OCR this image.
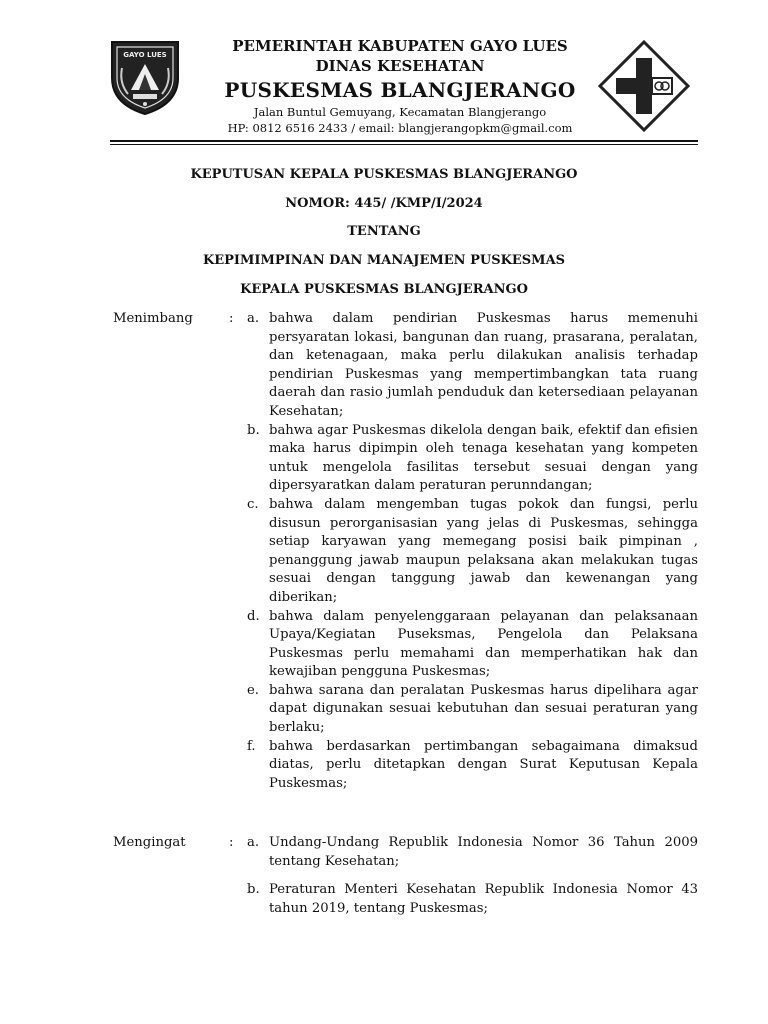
GAYO LUES	PEMERINTAH KABUPATEN GAYO LUES
DINAS KESEHATAN
PUSKESMAS BLANGJERANGO
Jalan Buntul Gemuyang, Kecamatan Blangjerango
HP: 0812 6516 2433 / email: blangjerangopkm@gmail.com
KEPUTUSAN KEPALA PUSKESMAS BLANGJERANGO
NOMOR: 445/ /KMP/I/2024
TENTANG
KEPIMIMPINAN DAN MANAJEMEN PUSKESMAS
KEPALA PUSKESMAS BLANGJERANGO
Menimbang	: a. bahwa dalam pendirian Puskesmas harus memenuhi persyaratan lokasi, bangunan dan ruang, prasarana, peralatan, dan ketenagaan, maka perlu dilakukan analisis terhadap pendirian Puskesmas yang mempertimbangkan tata ruang daerah dan rasio jumlah penduduk dan ketersediaan pelayanan Kesehatan;
b. bahwa agar Puskesmas dikelola dengan baik, efektif dan efisien maka harus dipimpin oleh tenaga kesehatan yang kompeten untuk mengelola fasilitas tersebut sesuai dengan yang dipersyaratkan dalam peraturan perunndangan;
c. bahwa dalam mengemban tugas pokok dan fungsi, perlu disusun perorganisasian yang jelas di Puskesmas, sehingga setiap karyawan yang memegang posisi baik pimpinan , penanggung jawab maupun pelaksana akan melakukan tugas sesuai dengan tanggung jawab dan kewenangan yang diberikan;
d. bahwa dalam penyelenggaraan pelayanan dan pelaksanaan Upaya/Kegiatan Puseksmas, Pengelola dan Pelaksana Puskesmas perlu memahami dan memperhatikan hak dan kewajiban pengguna Puskesmas;
e. bahwa sarana dan peralatan Puskesmas harus dipelihara agar dapat digunakan sesuai kebutuhan dan sesuai peraturan yang berlaku;
f. bahwa berdasarkan pertimbangan sebagaimana dimaksud diatas, perlu ditetapkan dengan Surat Keputusan Kepala Puskesmas;
Mengingat	: a. Undang-Undang Republik Indonesia Nomor 36 Tahun 2009 tentang Kesehatan;
b. Peraturan Menteri Kesehatan Republik Indonesia Nomor 43 tahun 2019, tentang Puskesmas;
